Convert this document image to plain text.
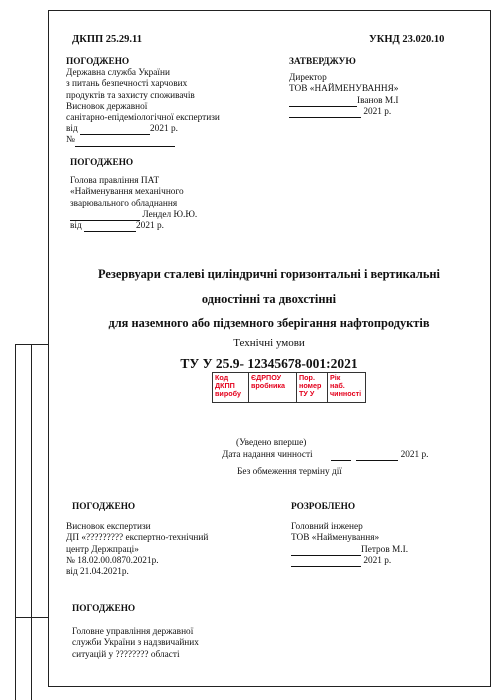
ДКПП 25.29.11	УКНД 23.020.10
ПОГОДЖЕНО
Державна служба України
з питань безпечності харчових
продуктів та захисту споживачів
Висновок державної
санітарно-епідеміологічної експертизи
від	2021 р.
№
ЗАТВЕРДЖУЮ
Директор
ТОВ «НАЙМЕНУВАННЯ»
Іванов М.І
2021 р.
ПОГОДЖЕНО
Голова правління ПАТ
«Найменування механічного
зварювального обладнання
Лендел Ю.Ю.
від	2021 р.
Резервуари сталеві циліндричні горизонтальні і вертикальні
одностінні та двохстінні
для наземного або підземного зберігання нафтопродуктів
Технічні умови
ТУ У 25.9- 12345678-001:2021
Код
ДКПП
виробу

ЄДРПОУ
вробника

Пор.
номер
ТУ У

Рік
наб.
чинності
(Уведено вперше)
Дата надання чинності	2021 р.
Без обмеження терміну дії
ПОГОДЖЕНО
Висновок експертизи
ДП «????????? експертно-технічний
центр Держпраці»
№ 18.02.00.0870.2021р.
від 21.04.2021р.
РОЗРОБЛЕНО
Головний інженер
ТОВ «Найменування»
Петров М.І.
2021 р.
ПОГОДЖЕНО
Головне управління державної
служби України з надзвичайних
ситуацій у ???????? області
